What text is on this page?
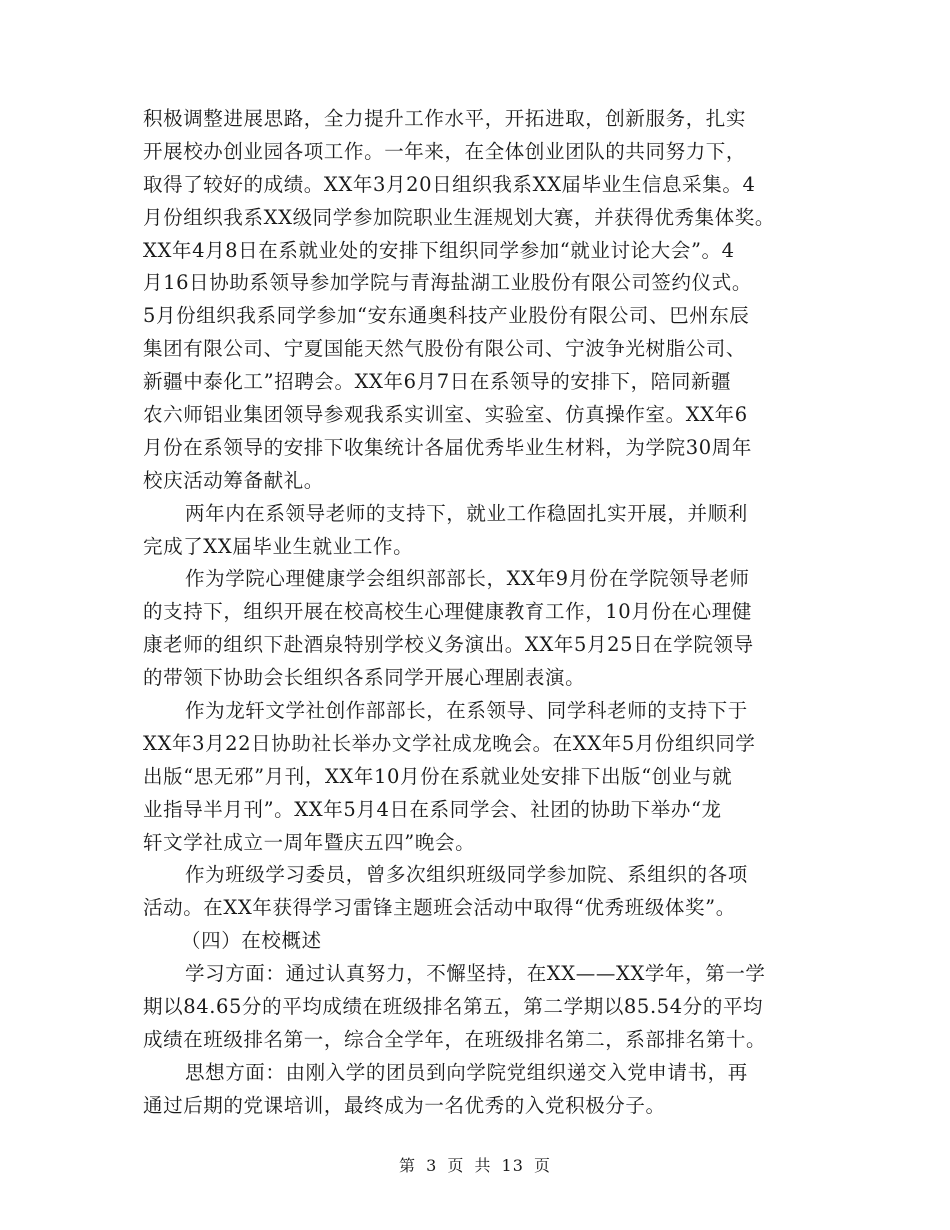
积极调整进展思路，全力提升工作水平，开拓进取，创新服务，扎实
开展校办创业园各项工作。一年来，在全体创业团队的共同努力下，
取得了较好的成绩。XX年3月20日组织我系XX届毕业生信息采集。4
月份组织我系XX级同学参加院职业生涯规划大赛，并获得优秀集体奖。
XX年4月8日在系就业处的安排下组织同学参加“就业讨论大会”。4
月16日协助系领导参加学院与青海盐湖工业股份有限公司签约仪式。
5月份组织我系同学参加“安东通奥科技产业股份有限公司、巴州东辰
集团有限公司、宁夏国能天然气股份有限公司、宁波争光树脂公司、
新疆中泰化工”招聘会。XX年6月7日在系领导的安排下，陪同新疆
农六师铝业集团领导参观我系实训室、实验室、仿真操作室。XX年6
月份在系领导的安排下收集统计各届优秀毕业生材料，为学院30周年
校庆活动筹备献礼。
两年内在系领导老师的支持下，就业工作稳固扎实开展，并顺利
完成了XX届毕业生就业工作。
作为学院心理健康学会组织部部长，XX年9月份在学院领导老师
的支持下，组织开展在校高校生心理健康教育工作，10月份在心理健
康老师的组织下赴酒泉特别学校义务演出。XX年5月25日在学院领导
的带领下协助会长组织各系同学开展心理剧表演。
作为龙轩文学社创作部部长，在系领导、同学科老师的支持下于
XX年3月22日协助社长举办文学社成龙晚会。在XX年5月份组织同学
出版“思无邪”月刊，XX年10月份在系就业处安排下出版“创业与就
业指导半月刊”。XX年5月4日在系同学会、社团的协助下举办“龙
轩文学社成立一周年暨庆五四”晚会。
作为班级学习委员，曾多次组织班级同学参加院、系组织的各项
活动。在XX年获得学习雷锋主题班会活动中取得“优秀班级体奖”。
（四）在校概述
学习方面：通过认真努力，不懈坚持，在XX——XX学年，第一学
期以84.65分的平均成绩在班级排名第五，第二学期以85.54分的平均
成绩在班级排名第一，综合全学年，在班级排名第二，系部排名第十。
思想方面：由刚入学的团员到向学院党组织递交入党申请书，再
通过后期的党课培训，最终成为一名优秀的入党积极分子。
第 3 页 共 13 页
